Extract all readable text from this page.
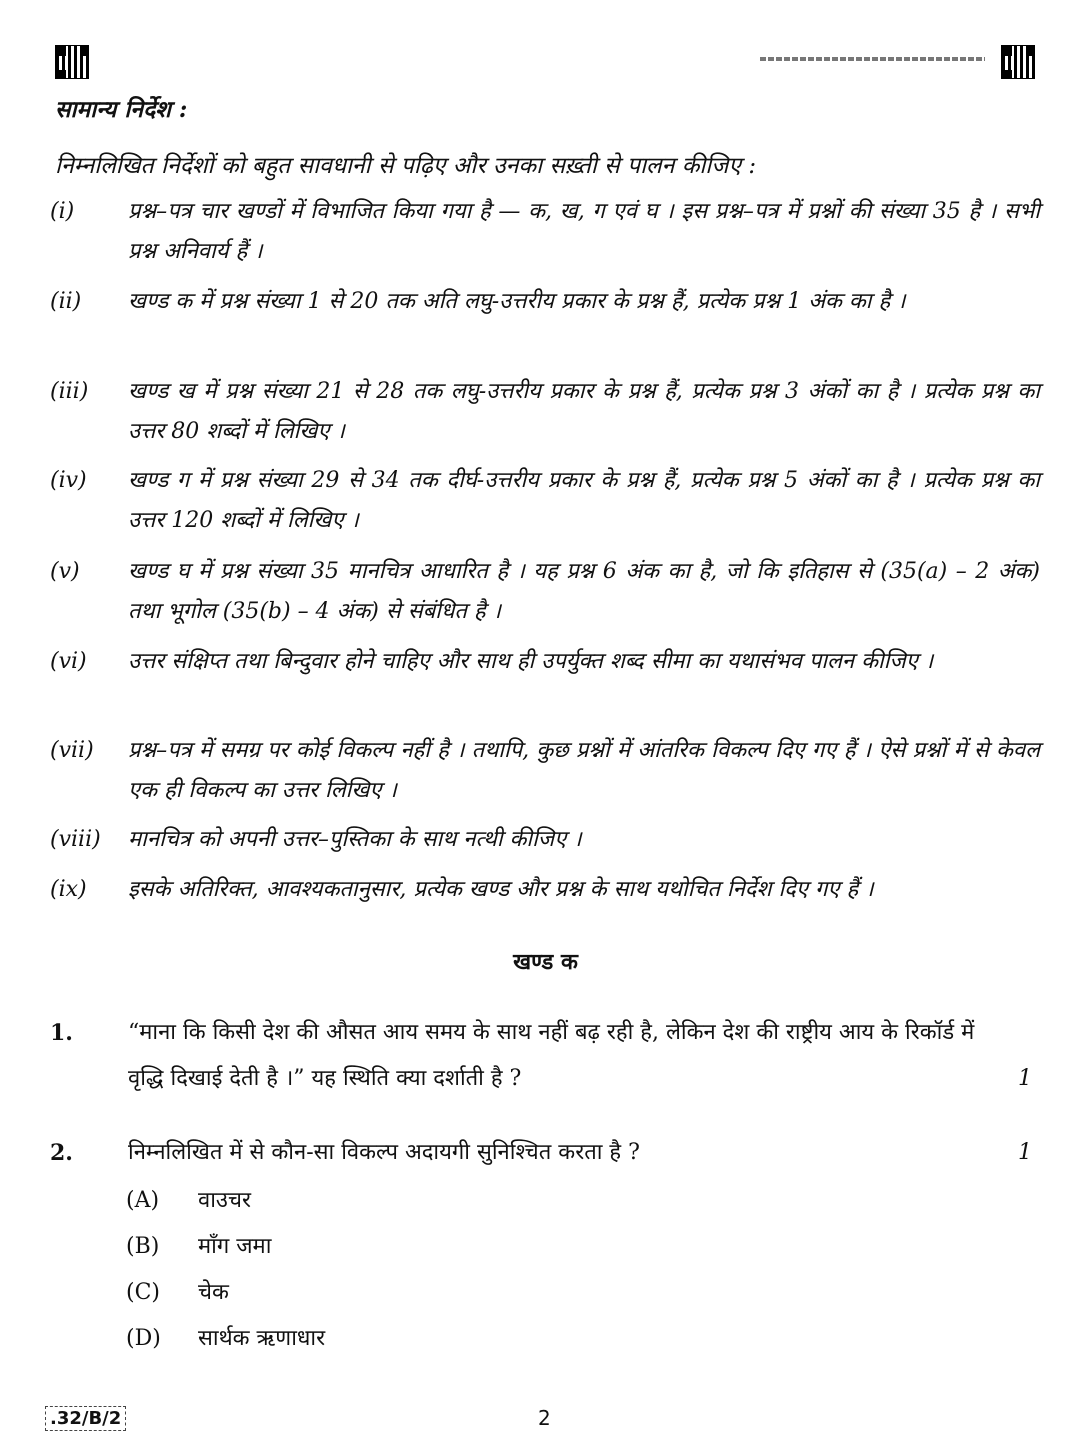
सामान्य निर्देश :
निम्नलिखित निर्देशों को बहुत सावधानी से पढ़िए और उनका सख़्ती से पालन कीजिए :
(i)	प्रश्न–पत्र चार खण्डों में विभाजित किया गया है — क, ख, ग एवं घ । इस प्रश्न–पत्र में प्रश्नों की संख्या 35 है । सभी प्रश्न अनिवार्य हैं ।
(ii)	खण्ड क में प्रश्न संख्या 1 से 20 तक अति लघु-उत्तरीय प्रकार के प्रश्न हैं, प्रत्येक प्रश्न 1 अंक का है ।
(iii)	खण्ड ख में प्रश्न संख्या 21 से 28 तक लघु-उत्तरीय प्रकार के प्रश्न हैं, प्रत्येक प्रश्न 3 अंकों का है । प्रत्येक प्रश्न का उत्तर 80 शब्दों में लिखिए ।
(iv)	खण्ड ग में प्रश्न संख्या 29 से 34 तक दीर्घ-उत्तरीय प्रकार के प्रश्न हैं, प्रत्येक प्रश्न 5 अंकों का है । प्रत्येक प्रश्न का उत्तर 120 शब्दों में लिखिए ।
(v)	खण्ड घ में प्रश्न संख्या 35 मानचित्र आधारित है । यह प्रश्न 6 अंक का है, जो कि इतिहास से (35(a) – 2 अंक) तथा भूगोल (35(b) – 4 अंक) से संबंधित है ।
(vi)	उत्तर संक्षिप्त तथा बिन्दुवार होने चाहिए और साथ ही उपर्युक्त शब्द सीमा का यथासंभव पालन कीजिए ।
(vii)	प्रश्न–पत्र में समग्र पर कोई विकल्प नहीं है । तथापि, कुछ प्रश्नों में आंतरिक विकल्प दिए गए हैं । ऐसे प्रश्नों में से केवल एक ही विकल्प का उत्तर लिखिए ।
(viii)	मानचित्र को अपनी उत्तर–पुस्तिका के साथ नत्थी कीजिए ।
(ix)	इसके अतिरिक्त, आवश्यकतानुसार, प्रत्येक खण्ड और प्रश्न के साथ यथोचित निर्देश दिए गए हैं ।
खण्ड क
1.	“माना कि किसी देश की औसत आय समय के साथ नहीं बढ़ रही है, लेकिन देश की राष्ट्रीय आय के रिकॉर्ड में वृद्धि दिखाई देती है ।” यह स्थिति क्या दर्शाती है ?	1
2.	निम्नलिखित में से कौन-सा विकल्प अदायगी सुनिश्चित करता है ?	1
(A) वाउचर
(B) माँग जमा
(C) चेक
(D) सार्थक ऋणाधार
.32/B/2	2
